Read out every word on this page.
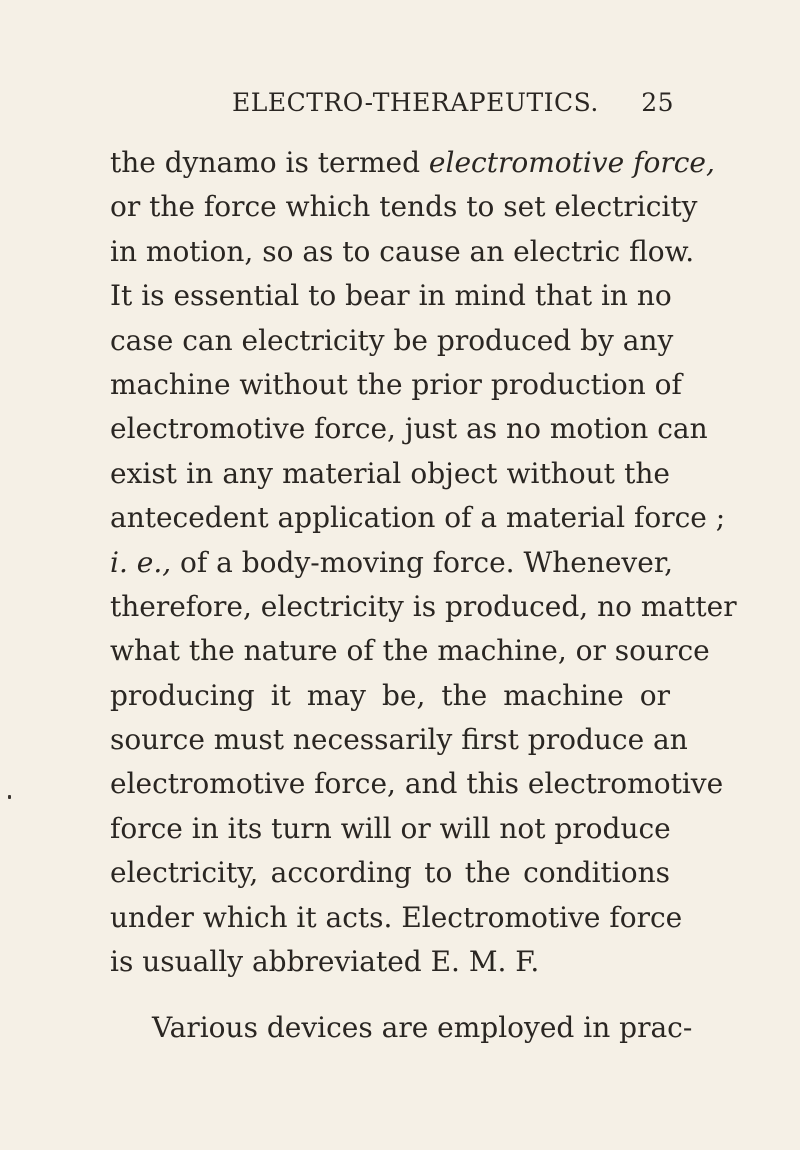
ELECTRO-THERAPEUTICS. 25
the dynamo is termed electromotive force,
or the force which tends to set electricity
in motion, so as to cause an electric flow.
It is essential to bear in mind that in no
case can electricity be produced by any
machine without the prior production of
electromotive force, just as no motion can
exist in any material object without the
antecedent application of a material force ;
i. e., of a body-moving force. Whenever,
therefore, electricity is produced, no matter
what the nature of the machine, or source
producing it may be, the machine or
source must necessarily first produce an
electromotive force, and this electromotive
force in its turn will or will not produce
electricity, according to the conditions
under which it acts. Electromotive force
is usually abbreviated E. M. F.
Various devices are employed in prac-
